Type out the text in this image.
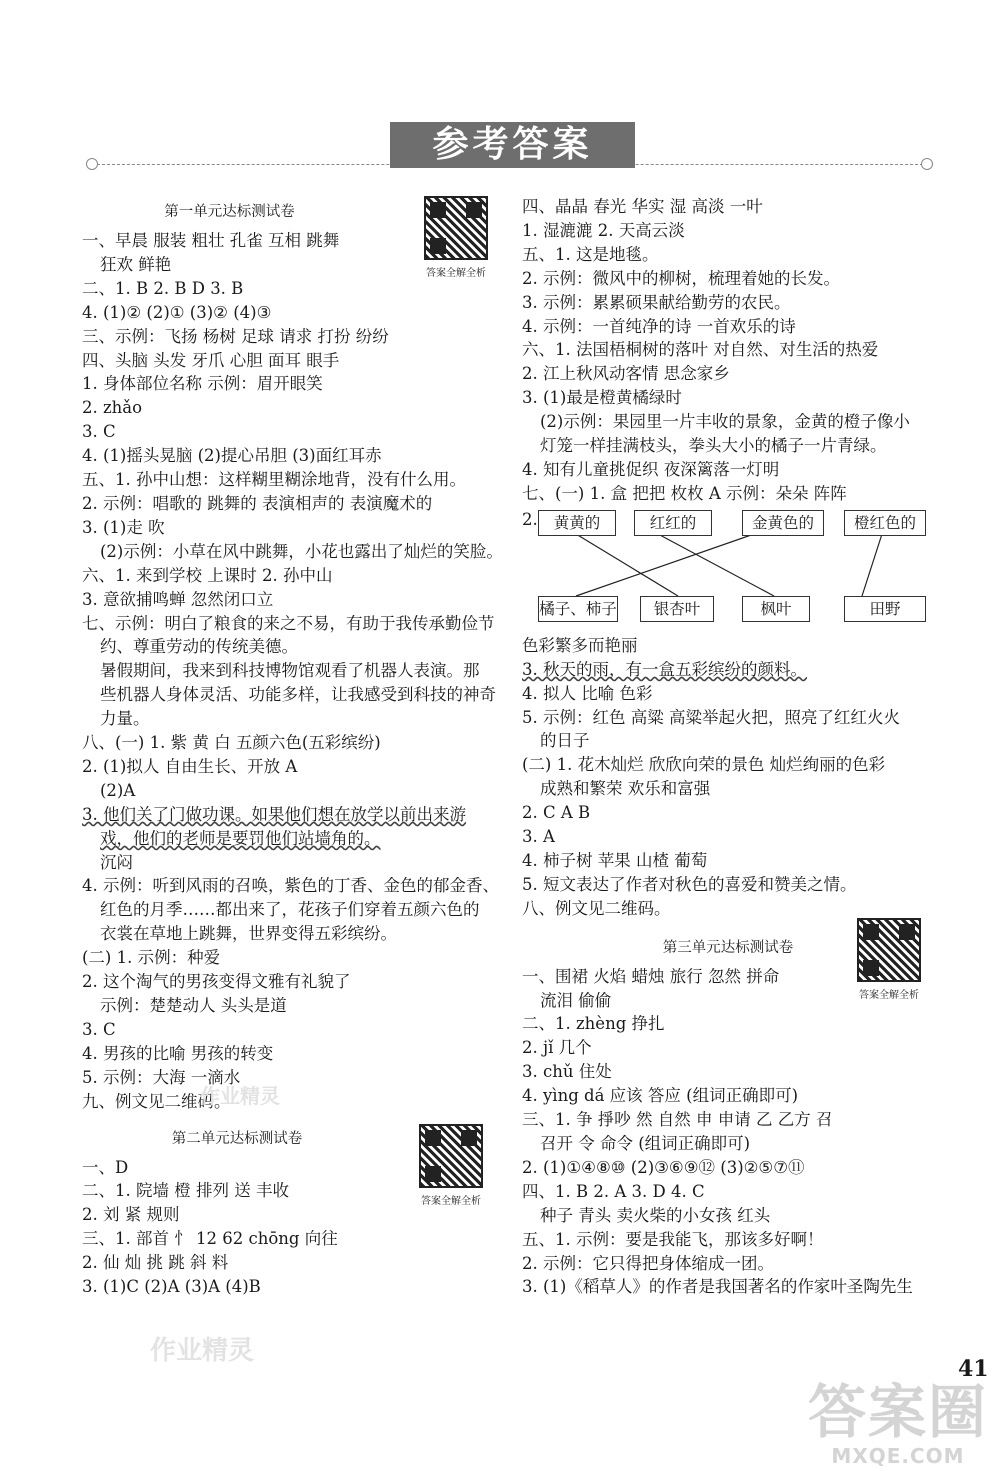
参考答案
答案全解全析
答案全解全析
答案全解全析
第一单元达标测试卷
一、早晨 服装 粗壮 孔雀 互相 跳舞
狂欢 鲜艳
二、1. B 2. B D 3. B
4. (1)② (2)① (3)② (4)③
三、示例：飞扬 杨树 足球 请求 打扮 纷纷
四、头脑 头发 牙爪 心胆 面耳 眼手
1. 身体部位名称 示例：眉开眼笑
2. zhǎo
3. C
4. (1)摇头晃脑 (2)提心吊胆 (3)面红耳赤
五、1. 孙中山想：这样糊里糊涂地背，没有什么用。
2. 示例：唱歌的 跳舞的 表演相声的 表演魔术的
3. (1)走 吹
(2)示例：小草在风中跳舞，小花也露出了灿烂的笑脸。
六、1. 来到学校 上课时 2. 孙中山
3. 意欲捕鸣蝉 忽然闭口立
七、示例：明白了粮食的来之不易，有助于我传承勤俭节
约、尊重劳动的传统美德。
暑假期间，我来到科技博物馆观看了机器人表演。那
些机器人身体灵活、功能多样，让我感受到科技的神奇
力量。
八、(一) 1. 紫 黄 白 五颜六色(五彩缤纷)
2. (1)拟人 自由生长、开放 A
(2)A
3. 他们关了门做功课。如果他们想在放学以前出来游
戏，他们的老师是要罚他们站墙角的。
沉闷
4. 示例：听到风雨的召唤，紫色的丁香、金色的郁金香、
红色的月季……都出来了，花孩子们穿着五颜六色的
衣裳在草地上跳舞，世界变得五彩缤纷。
(二) 1. 示例：种爱
2. 这个淘气的男孩变得文雅有礼貌了
示例：楚楚动人 头头是道
3. C
4. 男孩的比喻 男孩的转变
5. 示例：大海 一滴水
九、例文见二维码。
第二单元达标测试卷
一、D
二、1. 院墙 橙 排列 送 丰收
2. 刘 紧 规则
三、1. 部首 忄 12 62 chōng 向往
2. 仙 灿 挑 跳 斜 料
3. (1)C (2)A (3)A (4)B
四、晶晶 春光 华实 湿 高淡 一叶
1. 湿漉漉 2. 天高云淡
五、1. 这是地毯。
2. 示例：微风中的柳树，梳理着她的长发。
3. 示例：累累硕果献给勤劳的农民。
4. 示例：一首纯净的诗 一首欢乐的诗
六、1. 法国梧桐树的落叶 对自然、对生活的热爱
2. 江上秋风动客情 思念家乡
3. (1)最是橙黄橘绿时
(2)示例：果园里一片丰收的景象，金黄的橙子像小
灯笼一样挂满枝头，拳头大小的橘子一片青绿。
4. 知有儿童挑促织 夜深篱落一灯明
七、(一) 1. 盒 把把 枚枚 A 示例：朵朵 阵阵
2.	黄黄的	红红的	金黄色的	橙红色的
橘子、柿子	银杏叶	枫叶	田野
色彩繁多而艳丽
3. 秋天的雨，有一盒五彩缤纷的颜料。
4. 拟人 比喻 色彩
5. 示例：红色 高粱 高粱举起火把，照亮了红红火火
的日子
(二) 1. 花木灿烂 欣欣向荣的景色 灿烂绚丽的色彩
成熟和繁荣 欢乐和富强
2. C A B
3. A
4. 柿子树 苹果 山楂 葡萄
5. 短文表达了作者对秋色的喜爱和赞美之情。
八、例文见二维码。
第三单元达标测试卷
一、围裙 火焰 蜡烛 旅行 忽然 拼命
流泪 偷偷
二、1. zhèng 挣扎
2. jǐ 几个
3. chǔ 住处
4. yìng dá 应该 答应 (组词正确即可)
三、1. 争 掙吵 然 自然 申 申请 乙 乙方 召
召开 令 命令 (组词正确即可)
2. (1)①④⑧⑩ (2)③⑥⑨⑫ (3)②⑤⑦⑪
四、1. B 2. A 3. D 4. C
种子 青头 卖火柴的小女孩 红头
五、1. 示例：要是我能飞，那该多好啊！
2. 示例：它只得把身体缩成一团。
3. (1)《稻草人》的作者是我国著名的作家叶圣陶先生
作业精灵
作业精灵
41
答案圈
MXQE.COM
